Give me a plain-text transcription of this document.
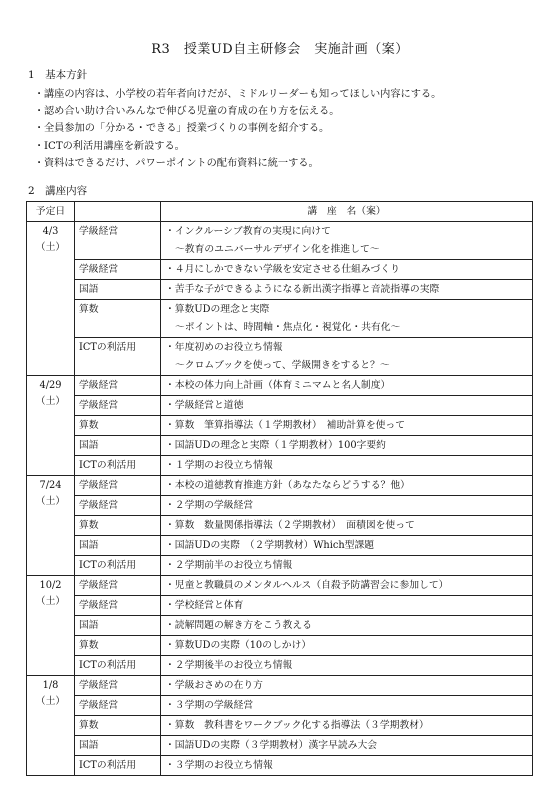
R3　授業UD自主研修会　実施計画（案）
1　基本方針
・講座の内容は、小学校の若年者向けだが、ミドルリーダーも知ってほしい内容にする。
・認め合い助け合いみんなで伸びる児童の育成の在り方を伝える。
・全員参加の「分かる・できる」授業づくりの事例を紹介する。
・ICTの利活用講座を新設する。
・資料はできるだけ、パワーポイントの配布資料に統一する。
2　講座内容
予定日		講　座　名（案）

4/3
（土）	学級経営	・インクルーシブ教育の実現に向けて
～教育のユニバーサルデザイン化を推進して～

	学級経営	・４月にしかできない学級を安定させる仕組みづくり
	国語	・苦手な子ができるようになる新出漢字指導と音読指導の実際
	算数	・算数UDの理念と実際
～ポイントは、時間軸・焦点化・視覚化・共有化～

	ICTの利活用	・年度初めのお役立ち情報
～クロムブックを使って、学級開きをすると？～

4/29
（土）	学級経営	・本校の体力向上計画（体育ミニマムと名人制度）
	学級経営	・学級経営と道徳
	算数	・算数　筆算指導法（１学期教材）　補助計算を使って
	国語	・国語UDの理念と実際（１学期教材）100字要約
	ICTの利活用	・１学期のお役立ち情報

7/24
（土）	学級経営	・本校の道徳教育推進方針（あなたならどうする？他）
	学級経営	・２学期の学級経営
	算数	・算数　数量関係指導法（２学期教材）　面積図を使って
	国語	・国語UDの実際　（２学期教材）Which型課題
	ICTの利活用	・２学期前半のお役立ち情報

10/2
（土）	学級経営	・児童と教職員のメンタルヘルス（自殺予防講習会に参加して）
	学級経営	・学校経営と体育
	国語	・読解問題の解き方をこう教える
	算数	・算数UDの実際（10のしかけ）
	ICTの利活用	・２学期後半のお役立ち情報

1/8
（土）	学級経営	・学級おさめの在り方
	学級経営	・３学期の学級経営
	算数	・算数　教科書をワークブック化する指導法（３学期教材）
	国語	・国語UDの実際（３学期教材）漢字早読み大会
	ICTの利活用	・３学期のお役立ち情報
